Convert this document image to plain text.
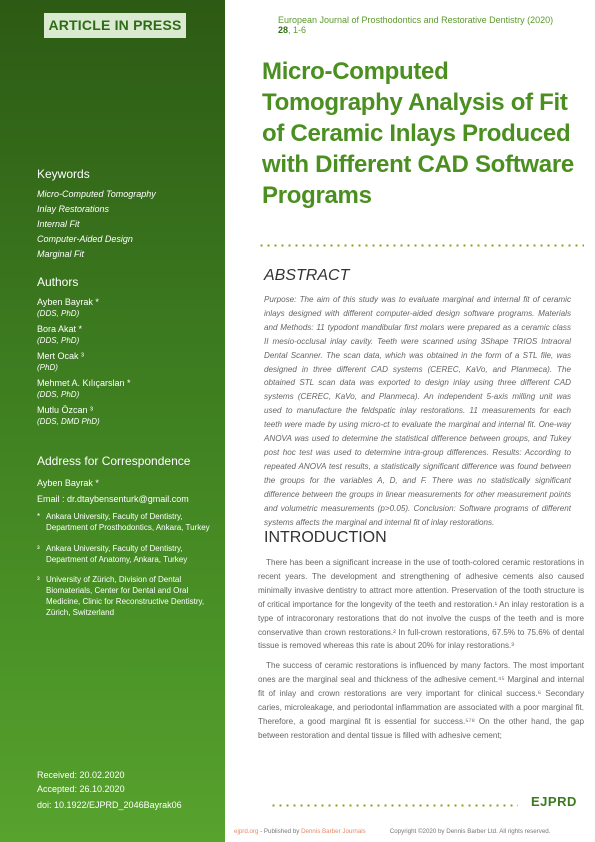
ARTICLE IN PRESS
Keywords
Micro-Computed Tomography
Inlay Restorations
Internal Fit
Computer-Aided Design
Marginal Fit
Authors
Ayben Bayrak *
(DDS, PhD)
Bora Akat *
(DDS, PhD)
Mert Ocak ³
(PhD)
Mehmet A. Kılıçarslan *
(DDS, PhD)
Mutlu Özcan ³
(DDS, DMD PhD)
Address for Correspondence
Ayben Bayrak *
Email : dr.dtaybensenturk@gmail.com
* Ankara University, Faculty of Dentistry, Department of Prosthodontics, Ankara, Turkey
³ Ankara University, Faculty of Dentistry, Department of Anatomy, Ankara, Turkey
³ University of Zürich, Division of Dental Biomaterials, Center for Dental and Oral Medicine, Clinic for Reconstructive Dentistry, Zürich, Switzerland
Received: 20.02.2020
Accepted: 26.10.2020
doi: 10.1922/EJPRD_2046Bayrak06
European Journal of Prosthodontics and Restorative Dentistry (2020) 28, 1-6
Micro-Computed Tomography Analysis of Fit of Ceramic Inlays Produced with Different CAD Software Programs
ABSTRACT
Purpose: The aim of this study was to evaluate marginal and internal fit of ceramic inlays designed with different computer-aided design software programs. Materials and Methods: 11 typodont mandibular first molars were prepared as a ceramic class II mesio-occlusal inlay cavity. Teeth were scanned using 3Shape TRIOS Intraoral Dental Scanner. The scan data, which was obtained in the form of a STL file, was designed in three different CAD systems (CEREC, KaVo, and Planmeca). The obtained STL scan data was exported to design inlay using three different CAD systems (CEREC, KaVo, and Planmeca). An independent 5-axis milling unit was used to manufacture the feldspatic inlay restorations. 11 measurements for each teeth were made by using micro-ct to evaluate the marginal and internal fit. One-way ANOVA was used to determine the statistical difference between groups, and Tukey post hoc test was used to determine intra-group differences. Results: According to repeated ANOVA test results, a statistically significant difference was found between the groups for the variables A, D, and F. There was no statistically significant difference between the groups in linear measurements for other measurement points and volumetric measurements (p>0.05). Conclusion: Software programs of different systems affects the marginal and internal fit of inlay restorations.
INTRODUCTION

There has been a significant increase in the use of tooth-colored ceramic restorations in recent years. The development and strengthening of adhesive cements also caused minimally invasive dentistry to attract more attention. Preservation of the tooth structure is of critical importance for the longevity of the teeth and restoration.¹ An inlay restoration is a type of intracoronary restorations that do not involve the cusps of the teeth and is more conservative than crown restorations.² In full-crown restorations, 67.5% to 75.6% of dental tissue is removed whereas this rate is about 20% for inlay restorations.³

The success of ceramic restorations is influenced by many factors. The most important ones are the marginal seal and thickness of the adhesive cement.⁴⁵ Marginal and internal fit of inlay and crown restorations are very important for clinical success.⁶ Secondary caries, microleakage, and periodontal inflammation are associated with a poor marginal fit. Therefore, a good marginal fit is essential for success.⁵⁷⁸ On the other hand, the gap between restoration and dental tissue is filled with adhesive cement;

EJPRD
ejprd.org - Published by Dennis Barber Journals	Copyright ©2020 by Dennis Barber Ltd. All rights reserved.
